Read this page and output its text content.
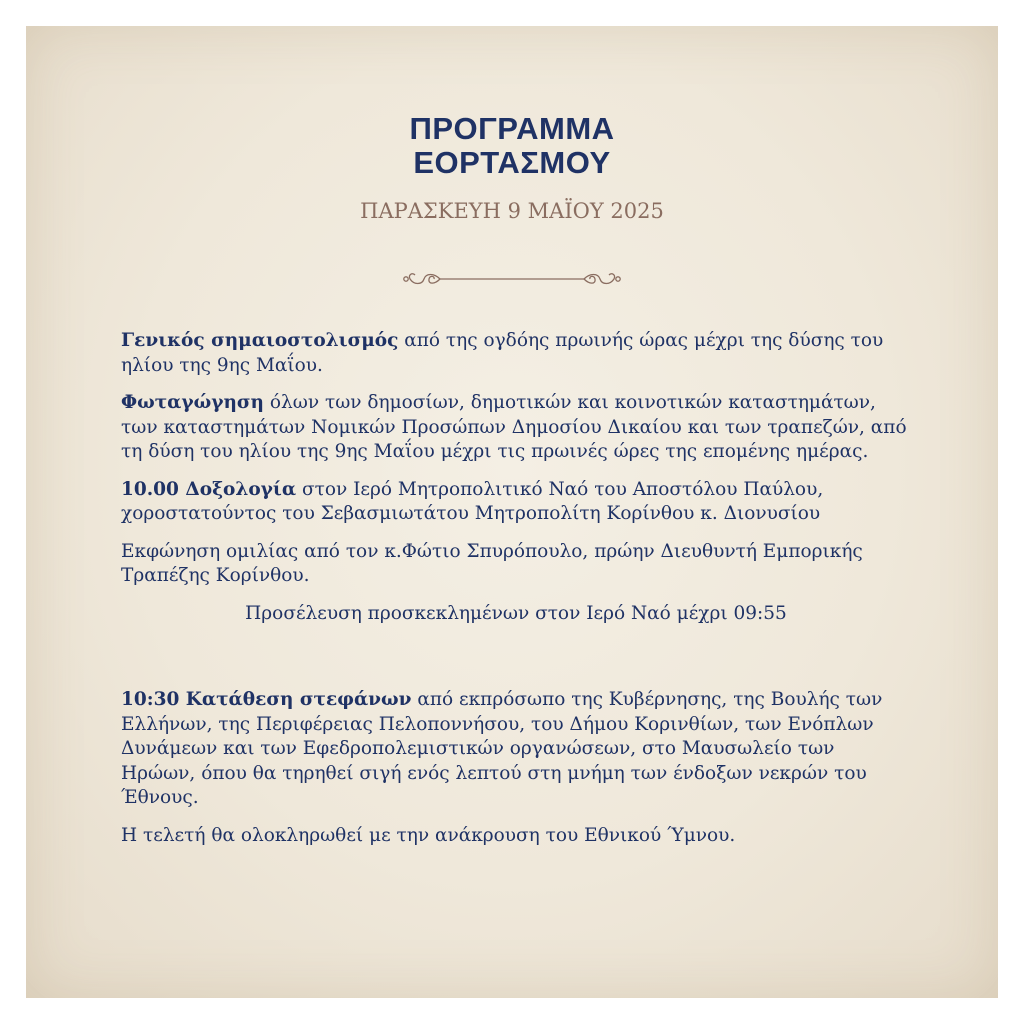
ΠΡΟΓΡΑΜΜΑ
ΕΟΡΤΑΣΜΟΥ
ΠΑΡΑΣΚΕΥΗ 9 ΜΑΪΟΥ 2025

Γενικός σημαιοστολισμός από της ογδόης πρωινής ώρας μέχρι της δύσης του ηλίου της 9ης Μαΐου.

Φωταγώγηση όλων των δημοσίων, δημοτικών και κοινοτικών καταστημάτων, των καταστημάτων Νομικών Προσώπων Δημοσίου Δικαίου και των τραπεζών, από τη δύση του ηλίου της 9ης Μαΐου μέχρι τις πρωινές ώρες της επομένης ημέρας.

10.00 Δοξολογία στον Ιερό Μητροπολιτικό Ναό του Αποστόλου Παύλου, χοροστατούντος του Σεβασμιωτάτου Μητροπολίτη Κορίνθου κ. Διονυσίου

Εκφώνηση ομιλίας από τον κ.Φώτιο Σπυρόπουλο, πρώην Διευθυντή Εμπορικής Τραπέζης Κορίνθου.

Προσέλευση προσκεκλημένων στον Ιερό Ναό μέχρι 09:55

10:30 Κατάθεση στεφάνων από εκπρόσωπο της Κυβέρνησης, της Βουλής των Ελλήνων, της Περιφέρειας Πελοποννήσου, του Δήμου Κορινθίων, των Ενόπλων Δυνάμεων και των Εφεδροπολεμιστικών οργανώσεων, στο Μαυσωλείο των Ηρώων, όπου θα τηρηθεί σιγή ενός λεπτού στη μνήμη των ένδοξων νεκρών του Έθνους.

Η τελετή θα ολοκληρωθεί με την ανάκρουση του Εθνικού Ύμνου.
